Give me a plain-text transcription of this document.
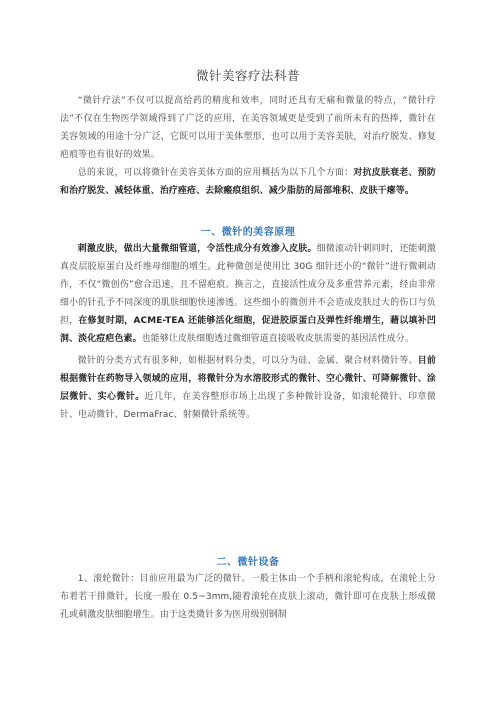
微针美容疗法科普

“微针疗法”不仅可以提高给药的精度和效率，同时还具有无痛和微量的特点，“微针疗法”不仅在生物医学领域得到了广泛的应用，在美容领域更是受到了前所未有的热捧，微针在美容领域的用途十分广泛，它既可以用于美体塑形，也可以用于美容美肤，对治疗脱发、修复疤痕等也有很好的效果。

总的来说，可以将微针在美容美体方面的应用概括为以下几个方面：对抗皮肤衰老、预防和治疗脱发、减轻体重、治疗痤疮、去除瘢痕组织、减少脂肪的局部堆积、皮肤干瘪等。

一、微针的美容原理

刺激皮肤，做出大量微细管道，令活性成分有效渗入皮肤。细微滚动针刺同时，还能刺激真皮层胶原蛋白及纤维母细胞的增生。此种微创是使用比 30G 细针还小的“微针”进行微刺动作，不仅“微创伤”愈合迅速，且不留疤痕。换言之，直接活性成分及多重营养元素，经由非常细小的针孔予不同深度的肌肤细胞快速渗透。这些细小的微创并不会造成皮肤过大的伤口与负担，在修复时期，ACME-TEA 还能够活化细胞，促进胶原蛋白及弹性纤维增生，藉以填补凹洞、淡化痘疤色素。也能够让皮肤细胞透过微细管道直接吸收皮肤需要的基因活性成分。

微针的分类方式有很多种，如根据材料分类，可以分为硅、金属、聚合材料微针等。目前根据微针在药物导入领域的应用，将微针分为水溶胶形式的微针、空心微针、可降解微针、涂层微针、实心微针。近几年，在美容整形市场上出现了多种微针设备，如滚轮微针、印章微针、电动微针、DermaFrac、射频微针系统等。

二、微针设备

1、滚轮微针：目前应用最为广泛的微针。一般主体由一个手柄和滚轮构成，在滚轮上分布着若干排微针，长度一般在 0.5~3mm,随着滚轮在皮肤上滚动，微针即可在皮肤上形成微孔或刺激皮肤细胞增生。由于这类微针多为医用级别钢制
